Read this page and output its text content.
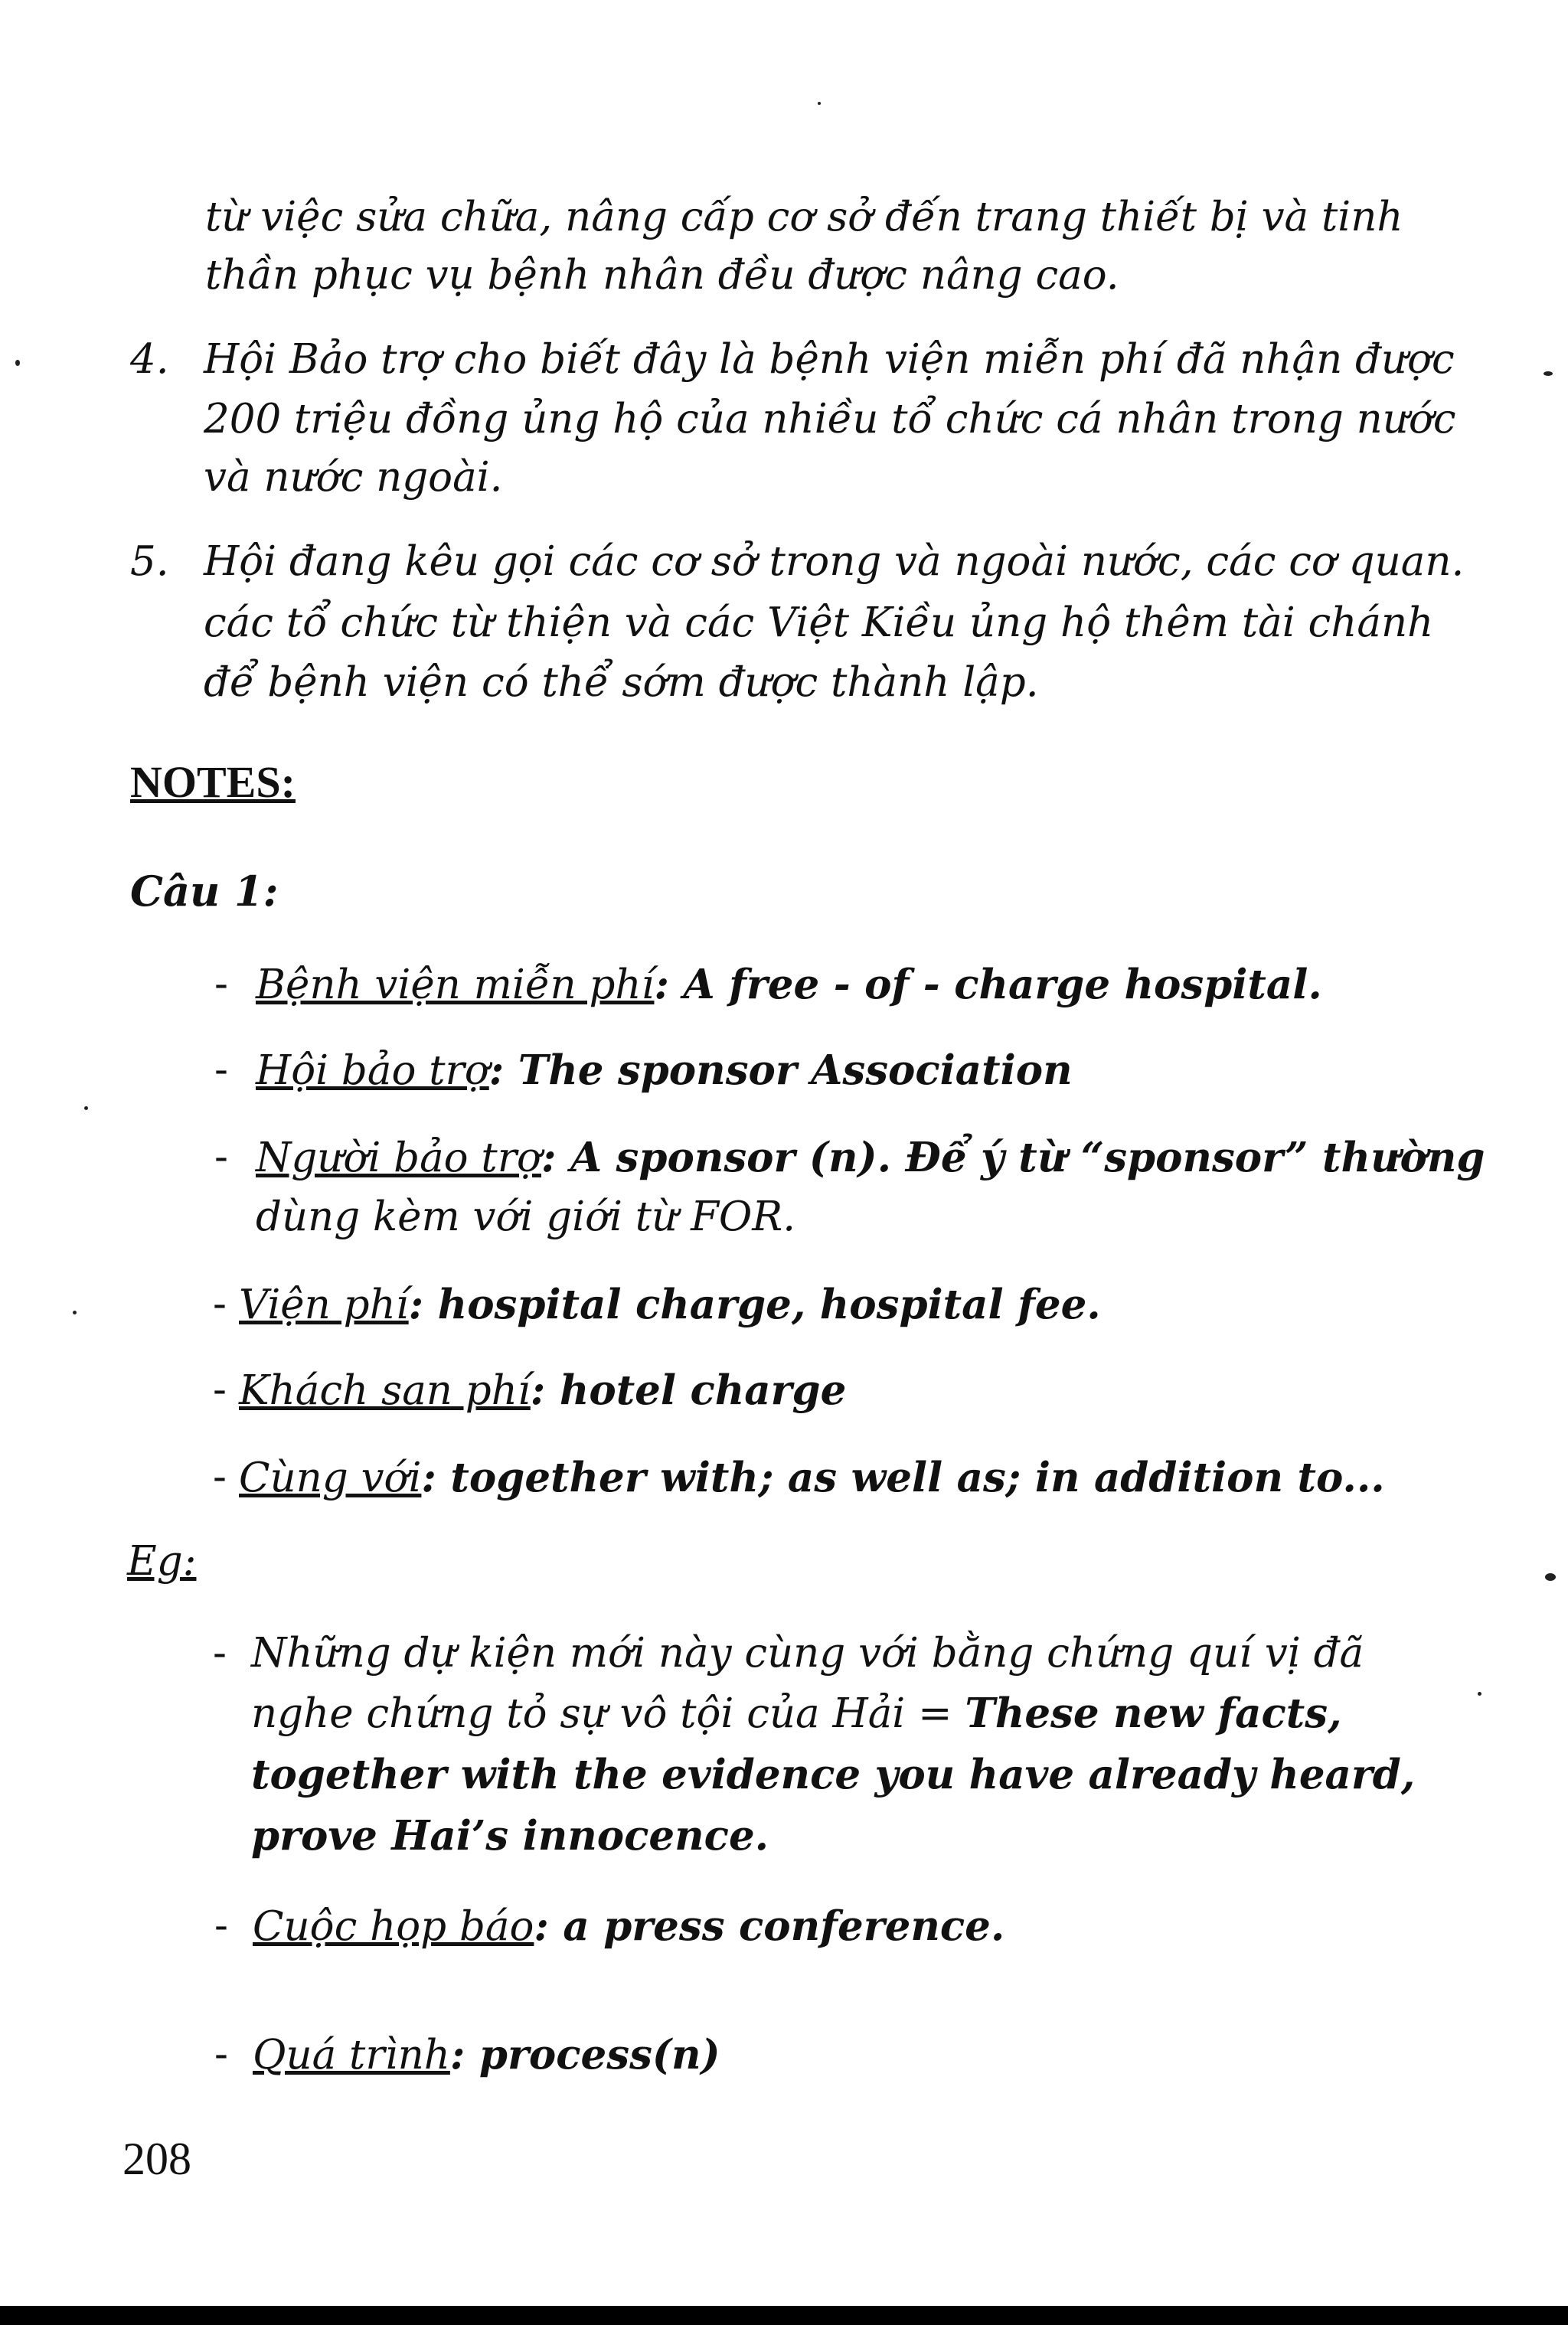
từ việc sửa chữa, nâng cấp cơ sở đến trang thiết bị và tinh
thần phục vụ bệnh nhân đều được nâng cao.
4. Hội Bảo trợ cho biết đây là bệnh viện miễn phí đã nhận được
200 triệu đồng ủng hộ của nhiều tổ chức cá nhân trong nước
và nước ngoài.
5. Hội đang kêu gọi các cơ sở trong và ngoài nước, các cơ quan.
các tổ chức từ thiện và các Việt Kiều ủng hộ thêm tài chánh
để bệnh viện có thể sớm được thành lập.
NOTES:
Câu 1:
- Bệnh viện miễn phí: A free - of - charge hospital.
- Hội bảo trợ: The sponsor Association
- Người bảo trợ: A sponsor (n). Để ý từ “sponsor” thường
dùng kèm với giới từ FOR.
- Viện phí: hospital charge, hospital fee.
- Khách san phí: hotel charge
- Cùng với: together with; as well as; in addition to...
Eg:
- Những dự kiện mới này cùng với bằng chứng quí vị đã
nghe chứng tỏ sự vô tội của Hải = These new facts,
together with the evidence you have already heard,
prove Hai’s innocence.
- Cuộc họp báo: a press conference.
- Quá trình: process(n)
208
